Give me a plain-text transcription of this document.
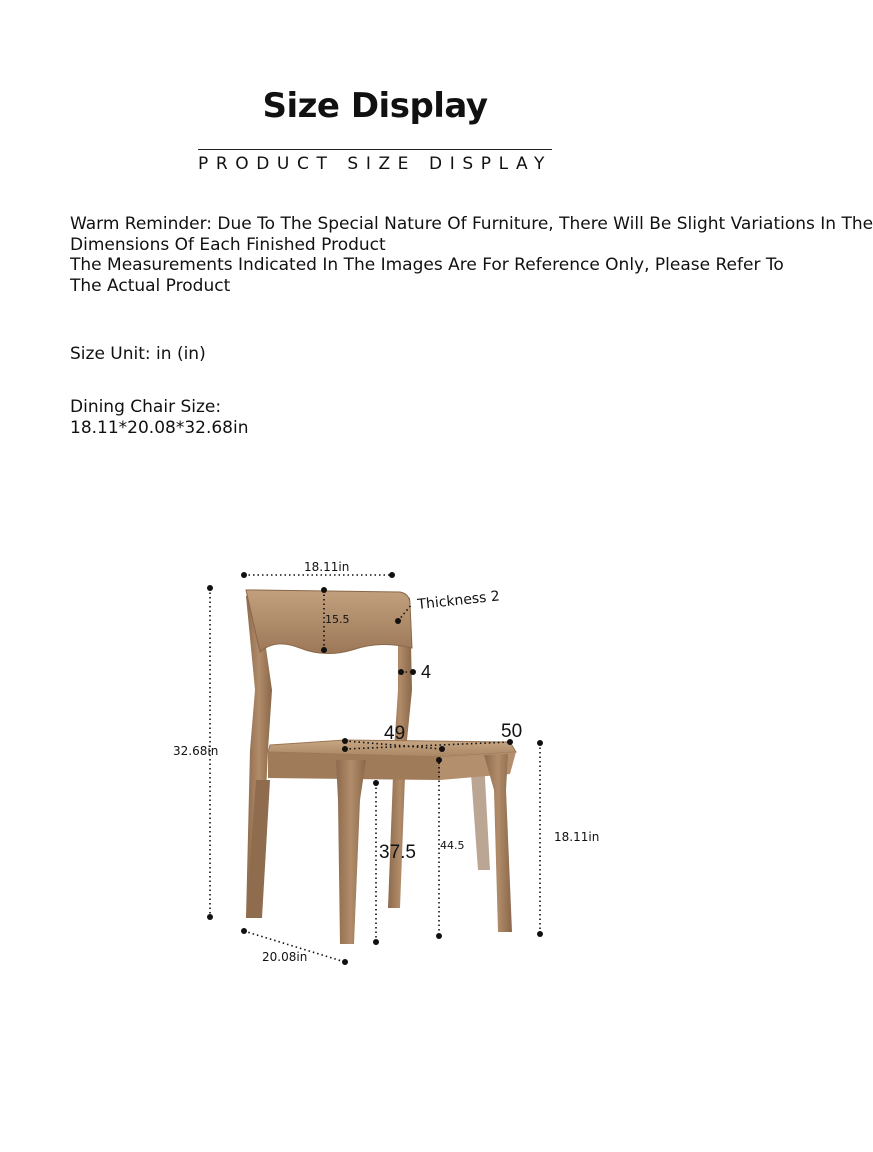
Size Display
PRODUCT SIZE DISPLAY
Warm Reminder: Due To The Special Nature Of Furniture, There Will Be Slight Variations In The
Dimensions Of Each Finished Product
The Measurements Indicated In The Images Are For Reference Only, Please Refer To
The Actual Product
Size Unit: in (in)
Dining Chair Size:
18.11*20.08*32.68in
18.11in
15.5
Thickness 2
4
49	50
32.68in
37.5 44.5
18.11in
20.08in
